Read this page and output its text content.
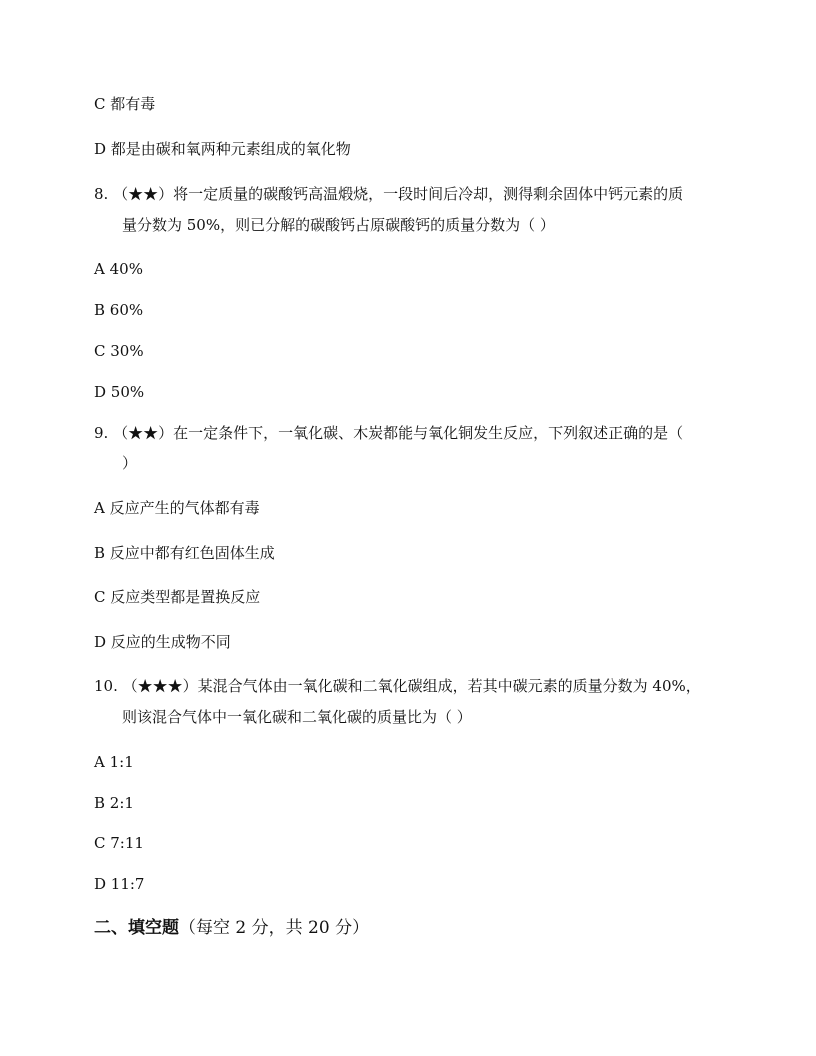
C 都有毒
D 都是由碳和氧两种元素组成的氧化物
8. （★★）将一定质量的碳酸钙高温煅烧，一段时间后冷却，测得剩余固体中钙元素的质
量分数为 50%，则已分解的碳酸钙占原碳酸钙的质量分数为（ ）
A 40%
B 60%
C 30%
D 50%
9. （★★）在一定条件下，一氧化碳、木炭都能与氧化铜发生反应，下列叙述正确的是（
）
A 反应产生的气体都有毒
B 反应中都有红色固体生成
C 反应类型都是置换反应
D 反应的生成物不同
10. （★★★）某混合气体由一氧化碳和二氧化碳组成，若其中碳元素的质量分数为 40%，
则该混合气体中一氧化碳和二氧化碳的质量比为（ ）
A 1:1
B 2:1
C 7:11
D 11:7
二、填空题（每空 2 分，共 20 分）
